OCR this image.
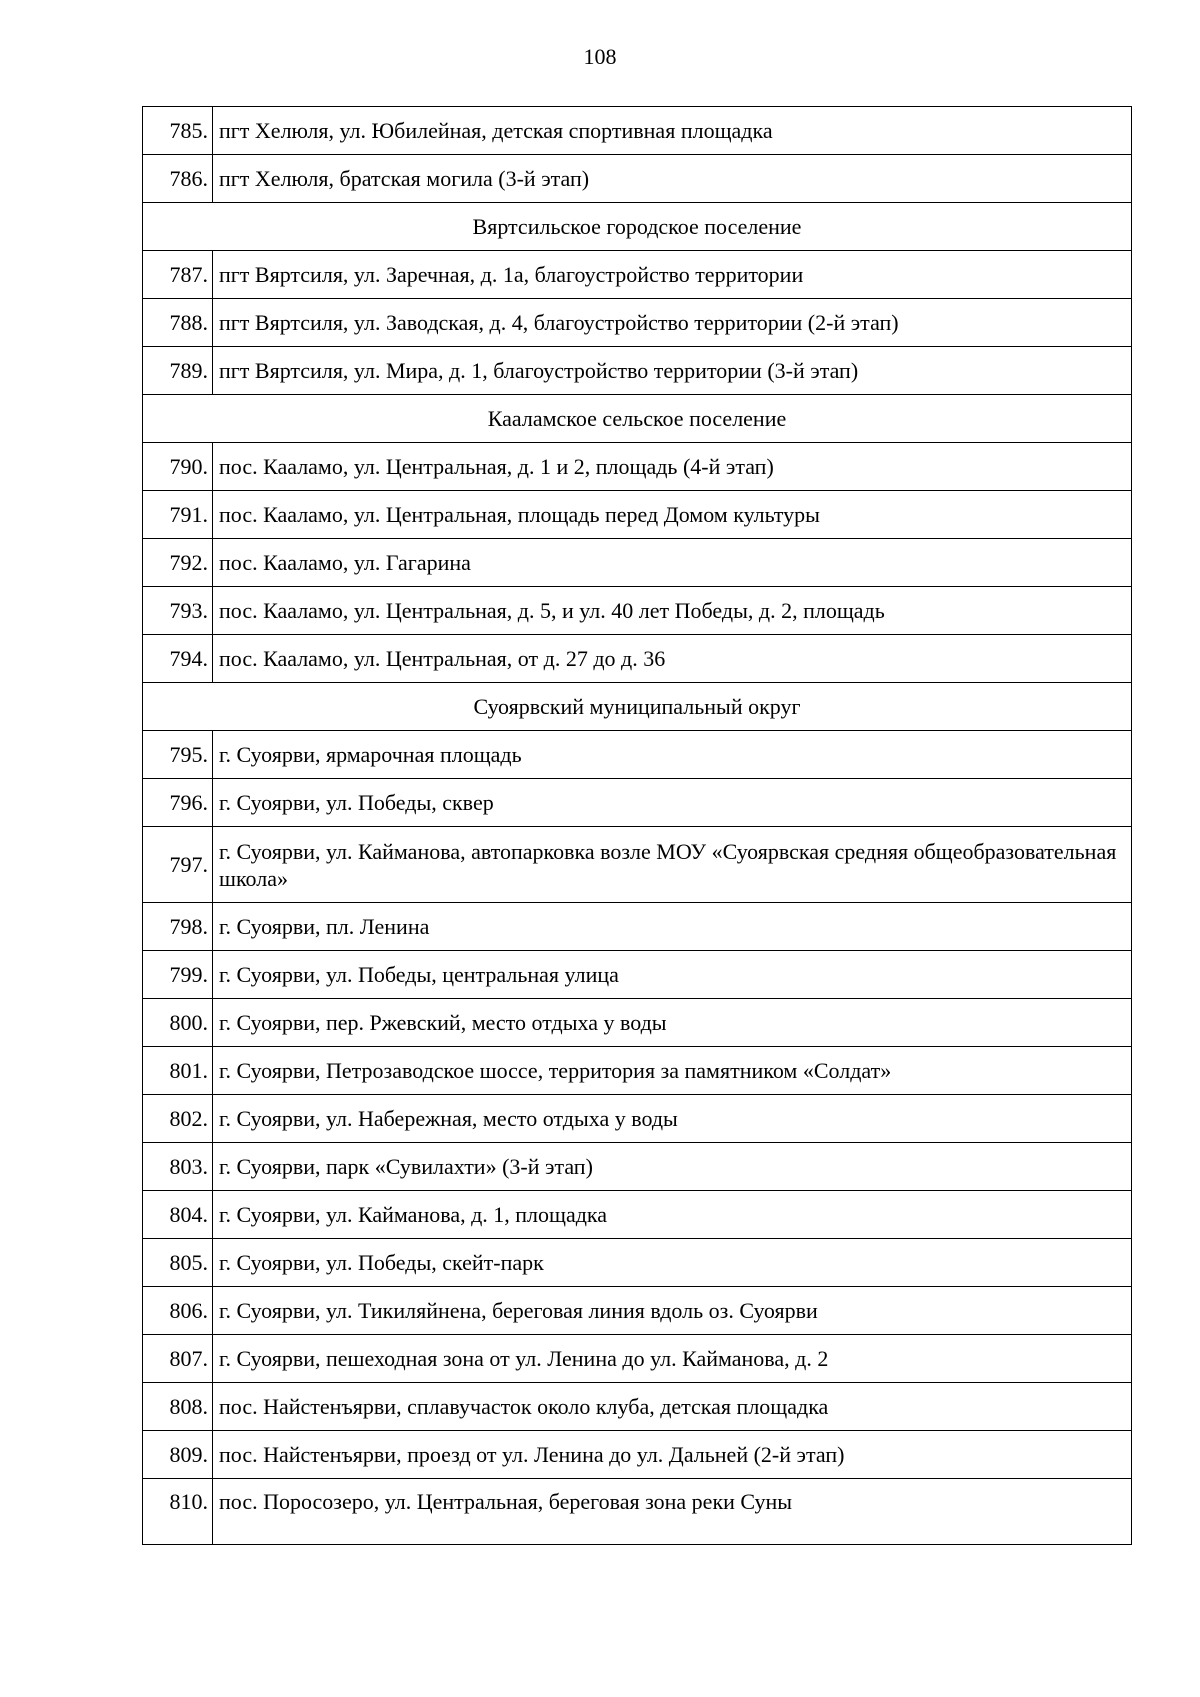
108
785.	пгт Хелюля, ул. Юбилейная, детская спортивная площадка
786.	пгт Хелюля, братская могила (3-й этап)
Вяртсильское городское поселение	
787.	пгт Вяртсиля, ул. Заречная, д. 1а, благоустройство территории
788.	пгт Вяртсиля, ул. Заводская, д. 4, благоустройство территории (2-й этап)
789.	пгт Вяртсиля, ул. Мира, д. 1, благоустройство территории (3-й этап)
Кааламское сельское поселение	
790.	пос. Кааламо, ул. Центральная, д. 1 и 2, площадь (4-й этап)
791.	пос. Кааламо, ул. Центральная, площадь перед Домом культуры
792.	пос. Кааламо, ул. Гагарина
793.	пос. Кааламо, ул. Центральная, д. 5, и ул. 40 лет Победы, д. 2, площадь
794.	пос. Кааламо, ул. Центральная, от д. 27 до д. 36
Суоярвский муниципальный округ	
795.	г. Суоярви, ярмарочная площадь
796.	г. Суоярви, ул. Победы, сквер
797.	г. Суоярви, ул. Кайманова, автопарковка возле МОУ «Суоярвская средняя общеобразовательная школа»
798.	г. Суоярви, пл. Ленина
799.	г. Суоярви, ул. Победы, центральная улица
800.	г. Суоярви, пер. Ржевский, место отдыха у воды
801.	г. Суоярви, Петрозаводское шоссе, территория за памятником «Солдат»
802.	г. Суоярви, ул. Набережная, место отдыха у воды
803.	г. Суоярви, парк «Сувилахти» (3-й этап)
804.	г. Суоярви, ул. Кайманова, д. 1, площадка
805.	г. Суоярви, ул. Победы, скейт-парк
806.	г. Суоярви, ул. Тикиляйнена, береговая линия вдоль оз. Суоярви
807.	г. Суоярви, пешеходная зона от ул. Ленина до ул. Кайманова, д. 2
808.	пос. Найстенъярви, сплавучасток около клуба, детская площадка
809.	пос. Найстенъярви, проезд от ул. Ленина до ул. Дальней (2-й этап)
810.	пос. Поросозеро, ул. Центральная, береговая зона реки Суны
